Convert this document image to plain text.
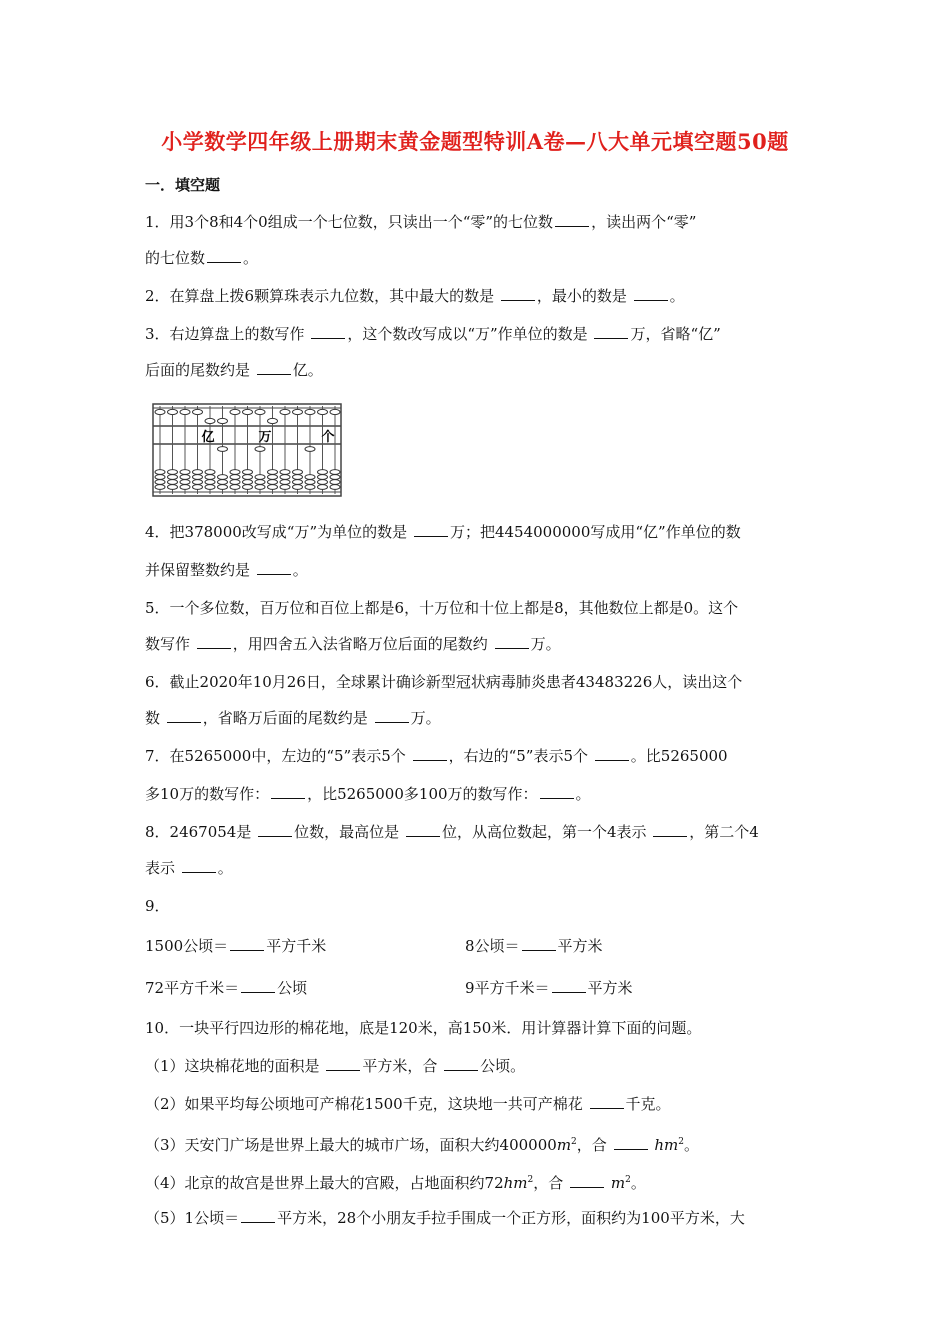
小学数学四年级上册期末黄金题型特训A卷—八大单元填空题50题
一．填空题
1．用3个8和4个0组成一个七位数，只读出一个“零”的七位数	，读出两个“零”
的七位数	。
2．在算盘上拨6颗算珠表示九位数，其中最大的数是	，最小的数是	。
3．右边算盘上的数写作	，这个数改写成以“万”作单位的数是	万，省略“亿”
后面的尾数约是	亿。
亿	万	个
4．把378000改写成“万”为单位的数是	万；把4454000000写成用“亿”作单位的数
并保留整数约是	。
5．一个多位数，百万位和百位上都是6，十万位和十位上都是8，其他数位上都是0。这个
数写作	，用四舍五入法省略万位后面的尾数约	万。
6．截止2020年10月26日，全球累计确诊新型冠状病毒肺炎患者43483226人，读出这个
数	，省略万后面的尾数约是	万。
7．在5265000中，左边的“5”表示5个	，右边的“5”表示5个	。比5265000
多10万的数写作：	，比5265000多100万的数写作：	。
8．2467054是	位数，最高位是	位，从高位数起，第一个4表示	，第二个4
表示	。
9．
1500公顷＝	平方千米	8公顷＝	平方米
72平方千米＝	公顷	9平方千米＝	平方米
10．一块平行四边形的棉花地，底是120米，高150米．用计算器计算下面的问题。
（1）这块棉花地的面积是	平方米，合	公顷。
（2）如果平均每公顷地可产棉花1500千克，这块地一共可产棉花	千克。
（3）天安门广场是世界上最大的城市广场，面积大约$400000m^2$，合	$hm^2$。
（4）北京的故宫是世界上最大的宫殿，占地面积约$72hm^2$，合	$m^2$。
（5）1公顷＝	平方米，28个小朋友手拉手围成一个正方形，面积约为100平方米，大
